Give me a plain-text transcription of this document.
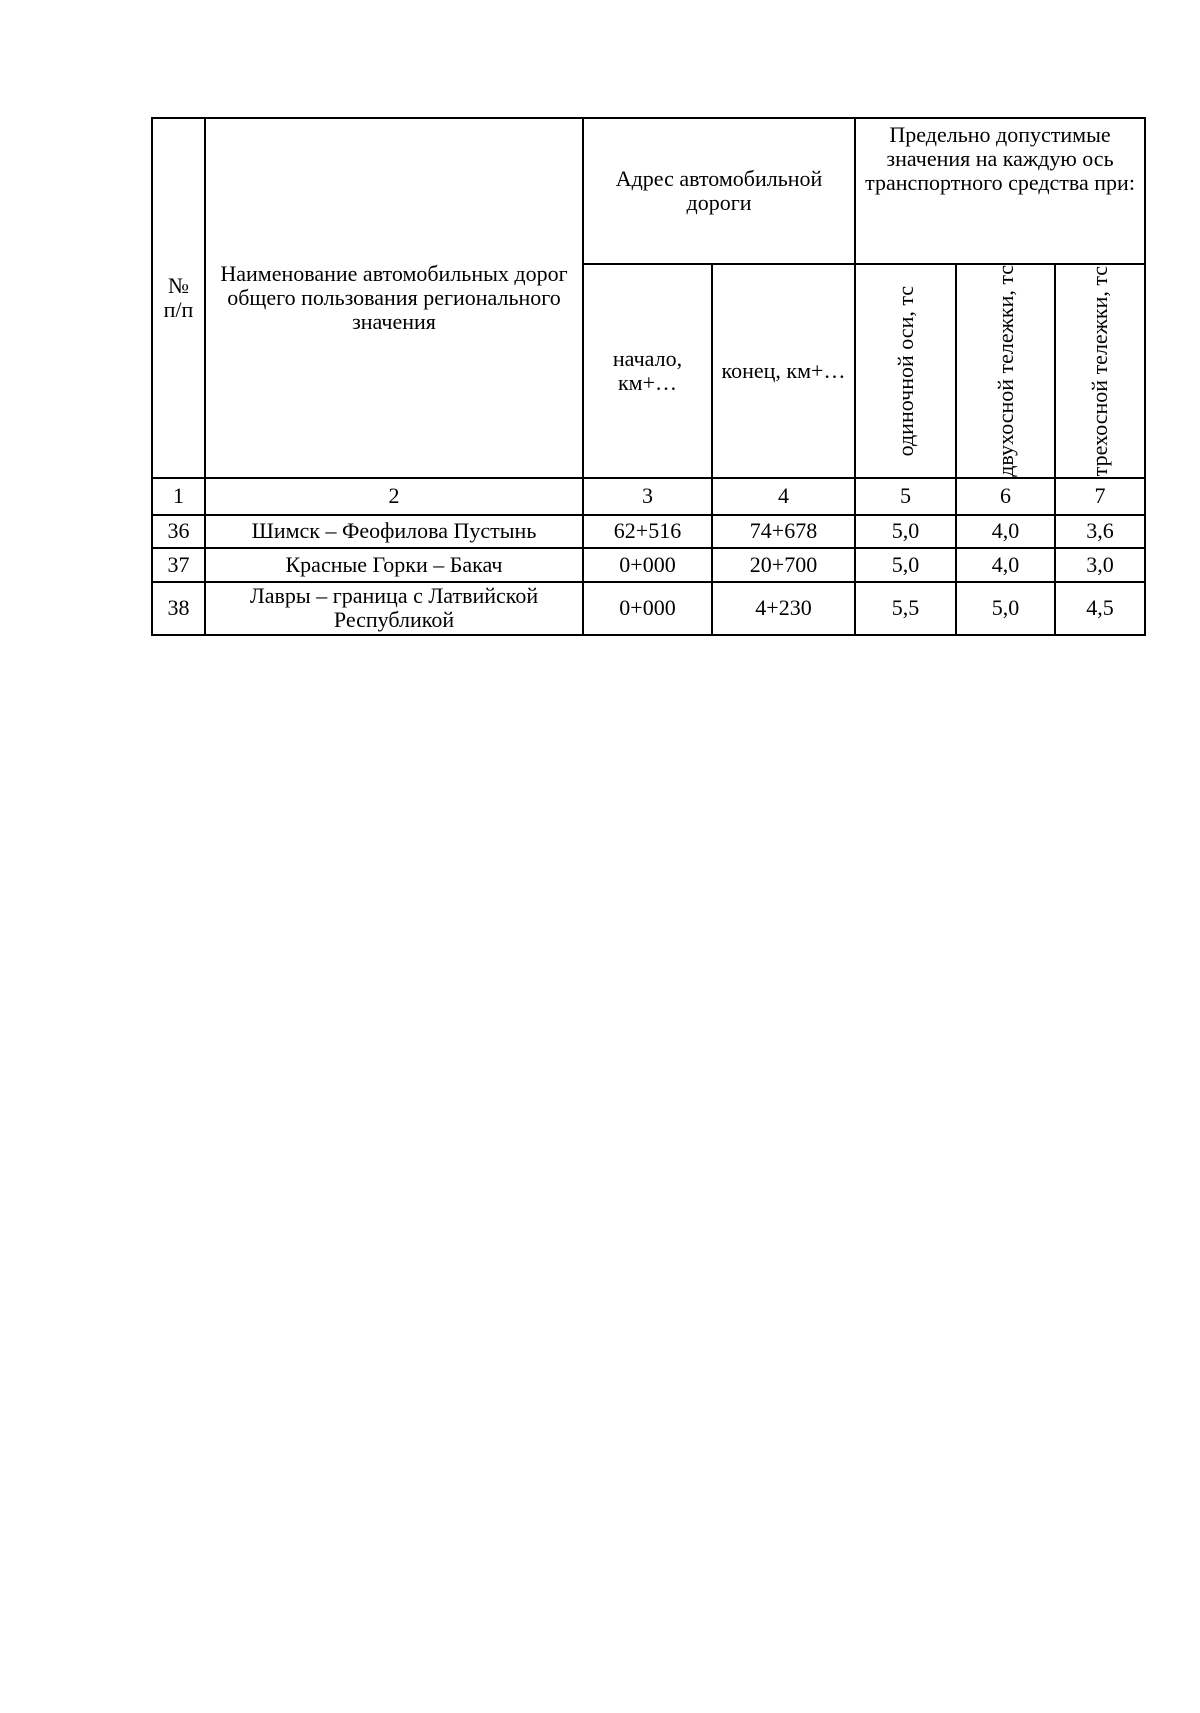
№ п/п	Наименование автомобильных дорог общего пользования регионального значения	Адрес автомобильной дороги		Предельно допустимые значения на каждую ось транспортного средства при:		
		начало, км+…	конец, км+…	одиночной оси, тс	двухосной тележки, тс	трехосной тележки, тс

1	2	3	4	5	6	7
36	Шимск – Феофилова Пустынь	62+516	74+678	5,0	4,0	3,6
37	Красные Горки – Бакач	0+000	20+700	5,0	4,0	3,0
38	Лавры – граница с Латвийской Республикой	0+000	4+230	5,5	5,0	4,5
